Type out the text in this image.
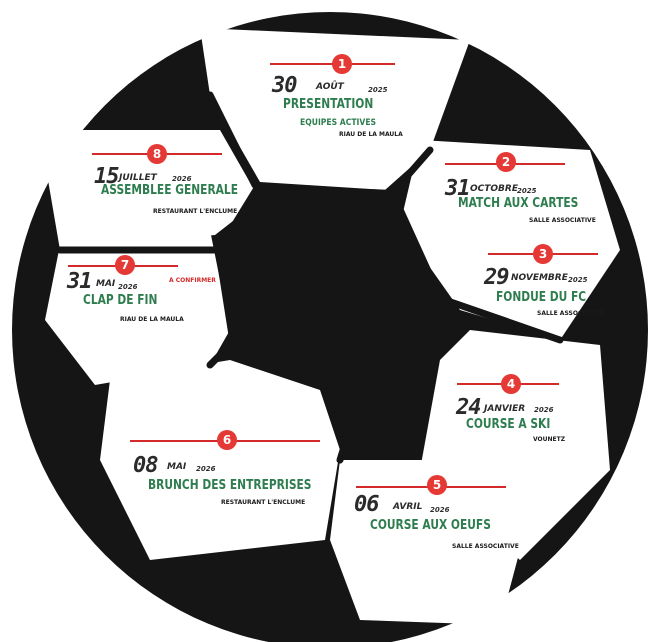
1
30 AOÛT	2025
PRESENTATION
EQUIPES ACTIVES
RIAU DE LA MAULA
2
31 OCTOBRE 2025
MATCH AUX CARTES
SALLE ASSOCIATIVE
3
29 NOVEMBRE 2025
FONDUE DU FC
SALLE ASSOCIATIVE
4
24 JANVIER 2026
COURSE A SKI
VOUNETZ
5
06 AVRIL 2026
COURSE AUX OEUFS
SALLE ASSOCIATIVE
6
08 MAI 2026
BRUNCH DES ENTREPRISES
RESTAURANT L'ENCLUME
7
31 MAI 2026
CLAP DE FIN
RIAU DE LA MAULA
A CONFIRMER
8
15 JUILLET 2026
ASSEMBLEE GENERALE
RESTAURANT L'ENCLUME
